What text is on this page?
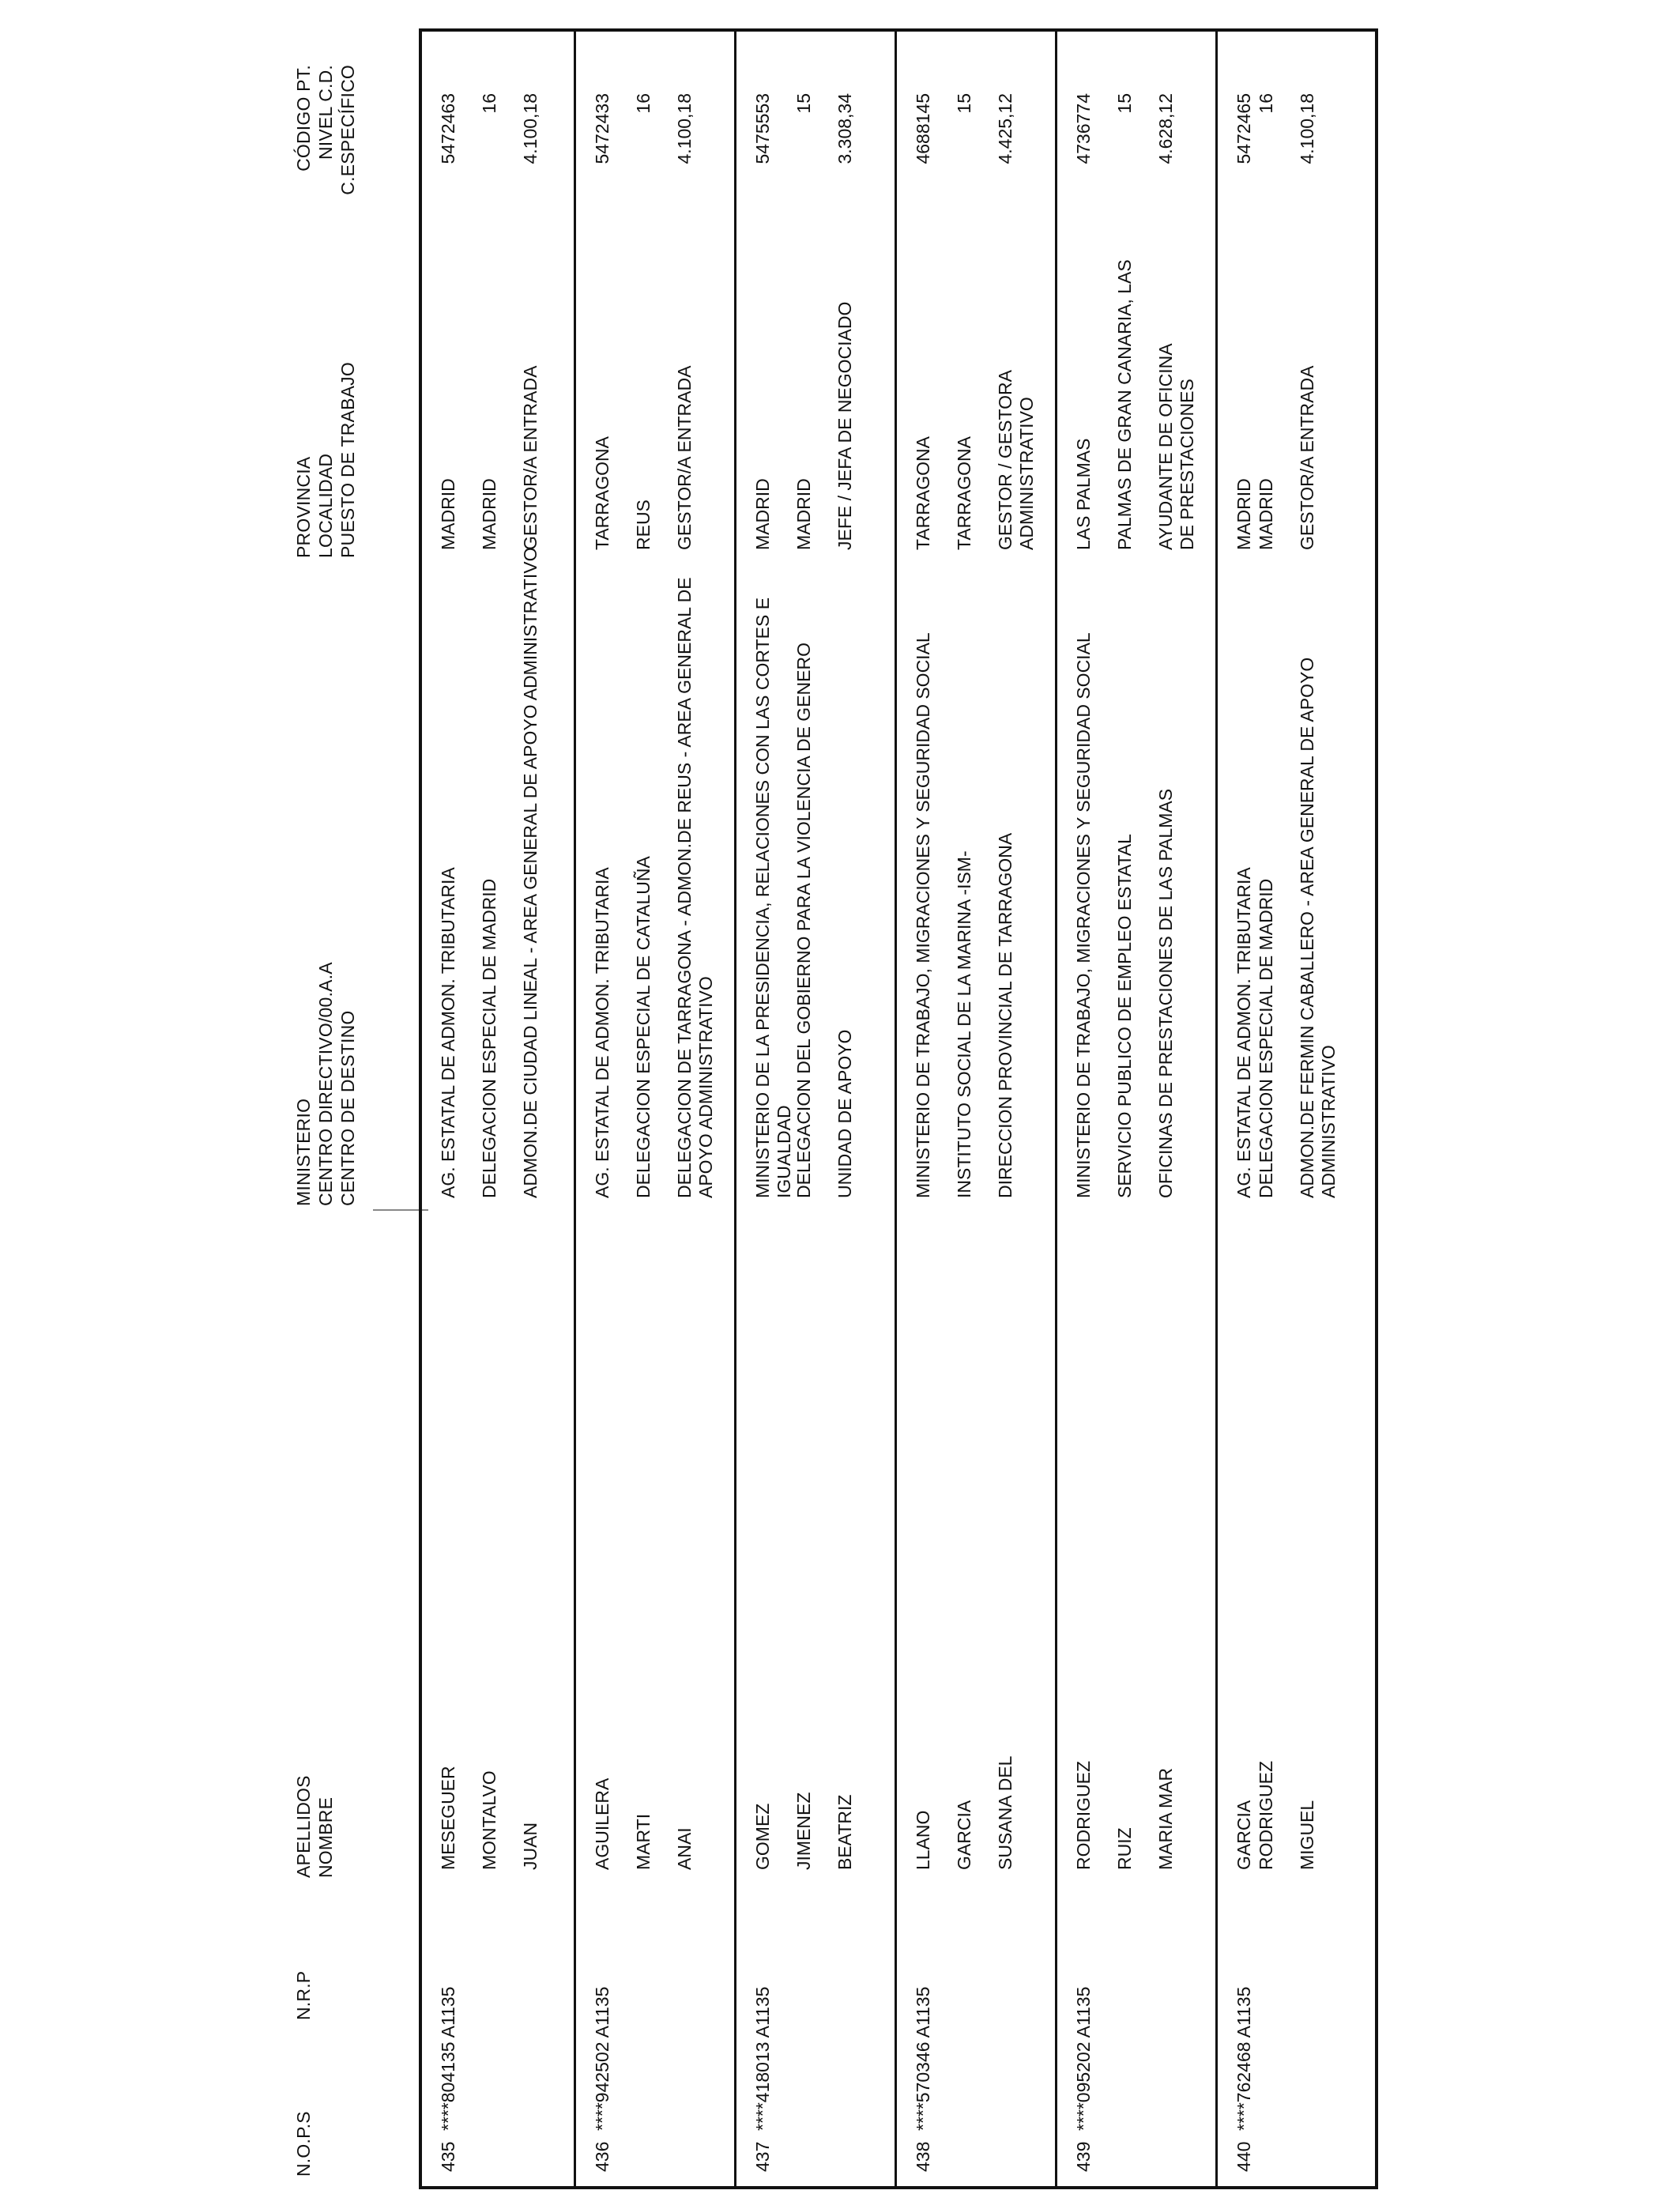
N.O.P.S
N.R.P
APELLIDOS NOMBRE
MINISTERIO CENTRO DIRECTIVO/00.A.A CENTRO DE DESTINO
PROVINCIA LOCALIDAD PUESTO DE TRABAJO
CÓDIGO PT. NIVEL C.D. C.ESPECÍFICO
435
****804135 A1135
MESEGUER MONTALVO JUAN
AG. ESTATAL DE ADMON. TRIBUTARIA DELEGACION ESPECIAL DE MADRID ADMON.DE CIUDAD LINEAL - AREA GENERAL DE APOYO ADMINISTRATIVO
MADRID MADRID GESTOR/A ENTRADA
5472463 16 4.100,18
436
****942502 A1135
AGUILERA MARTI ANAI
AG. ESTATAL DE ADMON. TRIBUTARIA DELEGACION ESPECIAL DE CATALUÑA DELEGACION DE TARRAGONA - ADMON.DE REUS - AREA GENERAL DE APOYO ADMINISTRATIVO
TARRAGONA REUS GESTOR/A ENTRADA
5472433 16 4.100,18
437
****418013 A1135
GOMEZ JIMENEZ BEATRIZ
MINISTERIO DE LA PRESIDENCIA, RELACIONES CON LAS CORTES E IGUALDAD DELEGACION DEL GOBIERNO PARA LA VIOLENCIA DE GENERO UNIDAD DE APOYO
MADRID MADRID JEFE / JEFA DE NEGOCIADO
5475553 15 3.308,34
438
****570346 A1135
LLANO GARCIA SUSANA DEL
MINISTERIO DE TRABAJO, MIGRACIONES Y SEGURIDAD SOCIAL INSTITUTO SOCIAL DE LA MARINA -ISM- DIRECCION PROVINCIAL DE TARRAGONA
TARRAGONA TARRAGONA GESTOR / GESTORA ADMINISTRATIVO
4688145 15 4.425,12
439
****095202 A1135
RODRIGUEZ RUIZ MARIA MAR
MINISTERIO DE TRABAJO, MIGRACIONES Y SEGURIDAD SOCIAL SERVICIO PUBLICO DE EMPLEO ESTATAL OFICINAS DE PRESTACIONES DE LAS PALMAS
LAS PALMAS PALMAS DE GRAN CANARIA, LAS AYUDANTE DE OFICINA DE PRESTACIONES
4736774 15 4.628,12
440
****762468 A1135
GARCIA RODRIGUEZ MIGUEL
AG. ESTATAL DE ADMON. TRIBUTARIA DELEGACION ESPECIAL DE MADRID ADMON.DE FERMIN CABALLERO - AREA GENERAL DE APOYO ADMINISTRATIVO
MADRID MADRID GESTOR/A ENTRADA
5472465 16 4.100,18
